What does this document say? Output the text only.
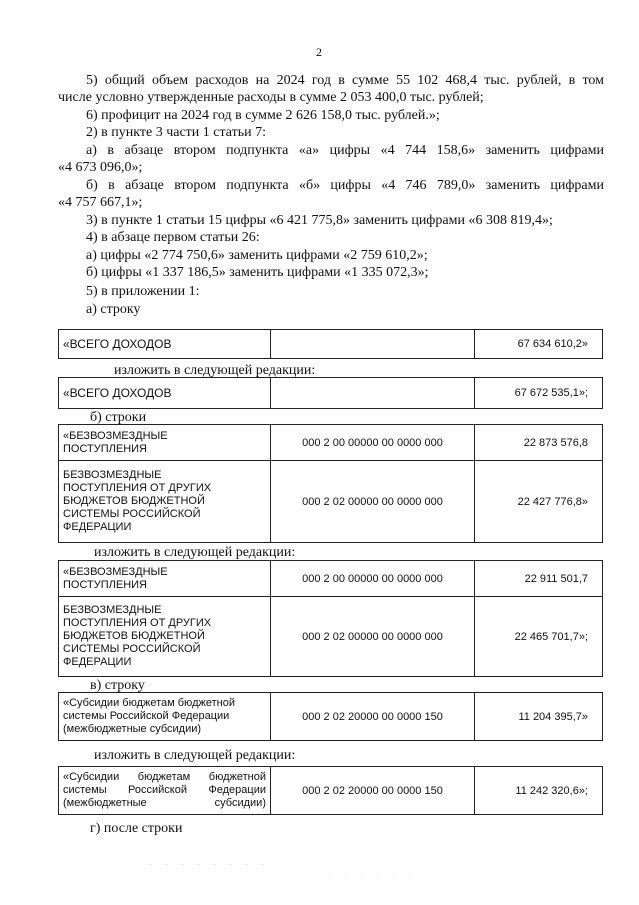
2
5) общий объем расходов на 2024 год в сумме 55 102 468,4 тыс. рублей, в том
числе условно утвержденные расходы в сумме 2 053 400,0 тыс. рублей;
6) профицит на 2024 год в сумме 2 626 158,0 тыс. рублей.»;
2) в пункте 3 части 1 статьи 7:
а) в абзаце втором подпункта «а» цифры «4 744 158,6» заменить цифрами
«4 673 096,0»;
б) в абзаце втором подпункта «б» цифры «4 746 789,0» заменить цифрами
«4 757 667,1»;
3) в пункте 1 статьи 15 цифры «6 421 775,8» заменить цифрами «6 308 819,4»;
4) в абзаце первом статьи 26:
а) цифры «2 774 750,6» заменить цифрами «2 759 610,2»;
б) цифры «1 337 186,5» заменить цифрами «1 335 072,3»;
5) в приложении 1:
а) строку
«ВСЕГО ДОХОДОВ		67 634 610,2»
изложить в следующей редакции:
«ВСЕГО ДОХОДОВ		67 672 535,1»;
б) строки
«БЕЗВОЗМЕЗДНЫЕ
ПОСТУПЛЕНИЯ	000 2 00 00000 00 0000 000	22 873 576,8

БЕЗВОЗМЕЗДНЫЕ
ПОСТУПЛЕНИЯ ОТ ДРУГИХ
БЮДЖЕТОВ БЮДЖЕТНОЙ
СИСТЕМЫ РОССИЙСКОЙ
ФЕДЕРАЦИИ	000 2 02 00000 00 0000 000	22 427 776,8»
изложить в следующей редакции:
«БЕЗВОЗМЕЗДНЫЕ
ПОСТУПЛЕНИЯ	000 2 00 00000 00 0000 000	22 911 501,7

БЕЗВОЗМЕЗДНЫЕ
ПОСТУПЛЕНИЯ ОТ ДРУГИХ
БЮДЖЕТОВ БЮДЖЕТНОЙ
СИСТЕМЫ РОССИЙСКОЙ
ФЕДЕРАЦИИ	000 2 02 00000 00 0000 000	22 465 701,7»;
в) строку
«Субсидии бюджетам бюджетной
системы Российской Федерации
(межбюджетные субсидии)
	000 2 02 20000 00 0000 150	11 204 395,7»
изложить в следующей редакции:
«Субсидии бюджетам бюджетной
системы Российской Федерации
(межбюджетные субсидии)
	000 2 02 20000 00 0000 150	11 242 320,6»;
г) после строки
. . . . . . . .
. . . . . .
